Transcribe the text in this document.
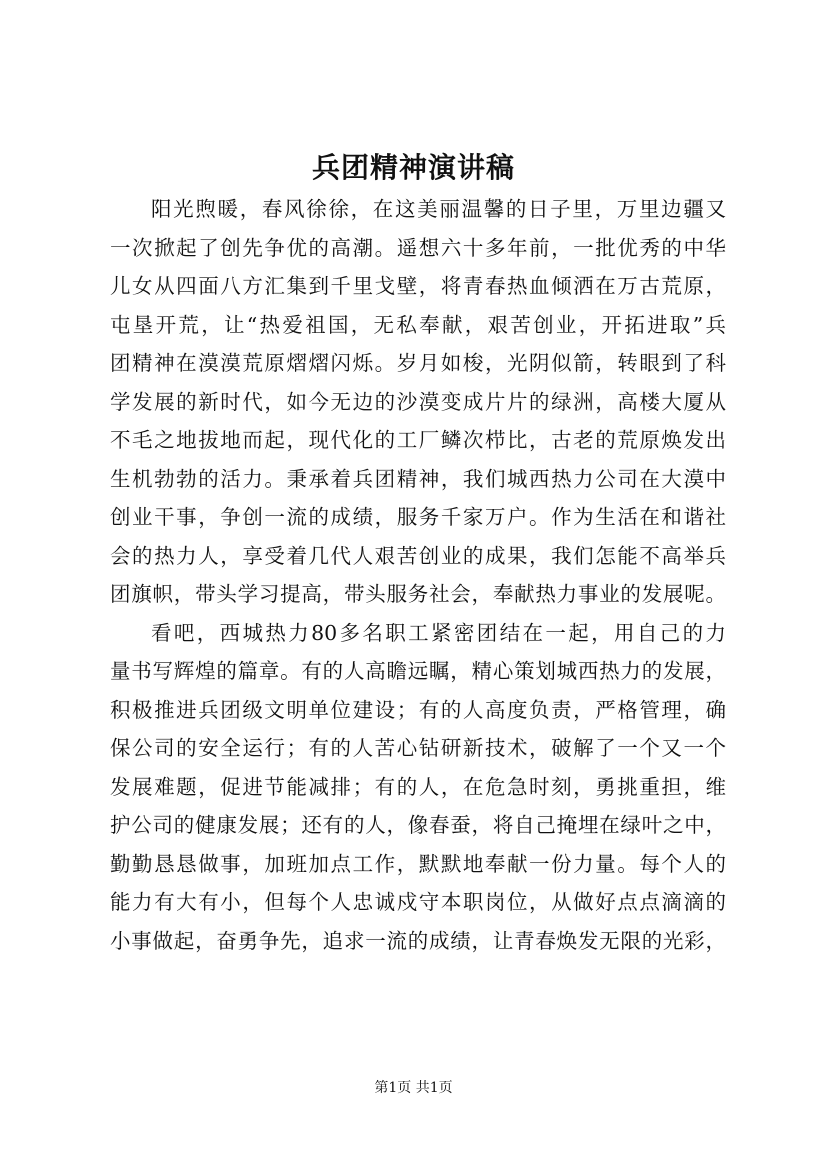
兵团精神演讲稿
阳光煦暖，春风徐徐，在这美丽温馨的日子里，万里边疆又
一次掀起了创先争优的高潮。遥想六十多年前，一批优秀的中华
儿女从四面八方汇集到千里戈壁，将青春热血倾洒在万古荒原，
屯垦开荒，让“热爱祖国，无私奉献，艰苦创业，开拓进取”兵
团精神在漠漠荒原熠熠闪烁。岁月如梭，光阴似箭，转眼到了科
学发展的新时代，如今无边的沙漠变成片片的绿洲，高楼大厦从
不毛之地拔地而起，现代化的工厂鳞次栉比，古老的荒原焕发出
生机勃勃的活力。秉承着兵团精神，我们城西热力公司在大漠中
创业干事，争创一流的成绩，服务千家万户。作为生活在和谐社
会的热力人，享受着几代人艰苦创业的成果，我们怎能不高举兵
团旗帜，带头学习提高，带头服务社会，奉献热力事业的发展呢。
看吧，西城热力80多名职工紧密团结在一起，用自己的力
量书写辉煌的篇章。有的人高瞻远瞩，精心策划城西热力的发展，
积极推进兵团级文明单位建设；有的人高度负责，严格管理，确
保公司的安全运行；有的人苦心钻研新技术，破解了一个又一个
发展难题，促进节能减排；有的人，在危急时刻，勇挑重担，维
护公司的健康发展；还有的人，像春蚕，将自己掩埋在绿叶之中，
勤勤恳恳做事，加班加点工作，默默地奉献一份力量。每个人的
能力有大有小，但每个人忠诚戍守本职岗位，从做好点点滴滴的
小事做起，奋勇争先，追求一流的成绩，让青春焕发无限的光彩，
第1页 共1页
